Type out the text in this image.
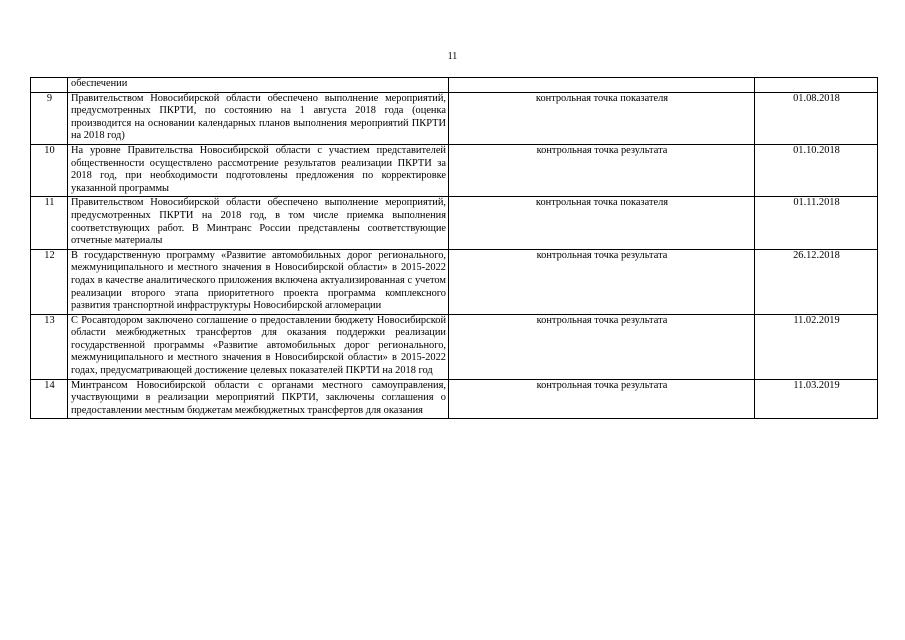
11
	обеспечении		
9	Правительством Новосибирской области обеспечено выполнение мероприятий, предусмотренных ПКРТИ, по состоянию на 1 августа 2018 года (оценка производится на основании календарных планов выполнения мероприятий ПКРТИ на 2018 год)	контрольная точка показателя	01.08.2018
10	На уровне Правительства Новосибирской области с участием представителей общественности осуществлено рассмотрение результатов реализации ПКРТИ за 2018 год, при необходимости подготовлены предложения по корректировке указанной программы	контрольная точка результата	01.10.2018
11	Правительством Новосибирской области обеспечено выполнение мероприятий, предусмотренных ПКРТИ на 2018 год, в том числе приемка выполнения соответствующих работ. В Минтранс России представлены соответствующие отчетные материалы	контрольная точка показателя	01.11.2018
12	В государственную программу «Развитие автомобильных дорог регионального, межмуниципального и местного значения в Новосибирской области» в 2015-2022 годах в качестве аналитического приложения включена актуализированная с учетом реализации второго этапа приоритетного проекта программа комплексного развития транспортной инфраструктуры Новосибирской агломерации	контрольная точка результата	26.12.2018
13	С Росавтодором заключено соглашение о предоставлении бюджету Новосибирской области межбюджетных трансфертов для оказания поддержки реализации государственной программы «Развитие автомобильных дорог регионального, межмуниципального и местного значения в Новосибирской области» в 2015-2022 годах, предусматривающей достижение целевых показателей ПКРТИ на 2018 год	контрольная точка результата	11.02.2019
14	Минтрансом Новосибирской области с органами местного самоуправления, участвующими в реализации мероприятий ПКРТИ, заключены соглашения о предоставлении местным бюджетам межбюджетных трансфертов для оказания	контрольная точка результата	11.03.2019
